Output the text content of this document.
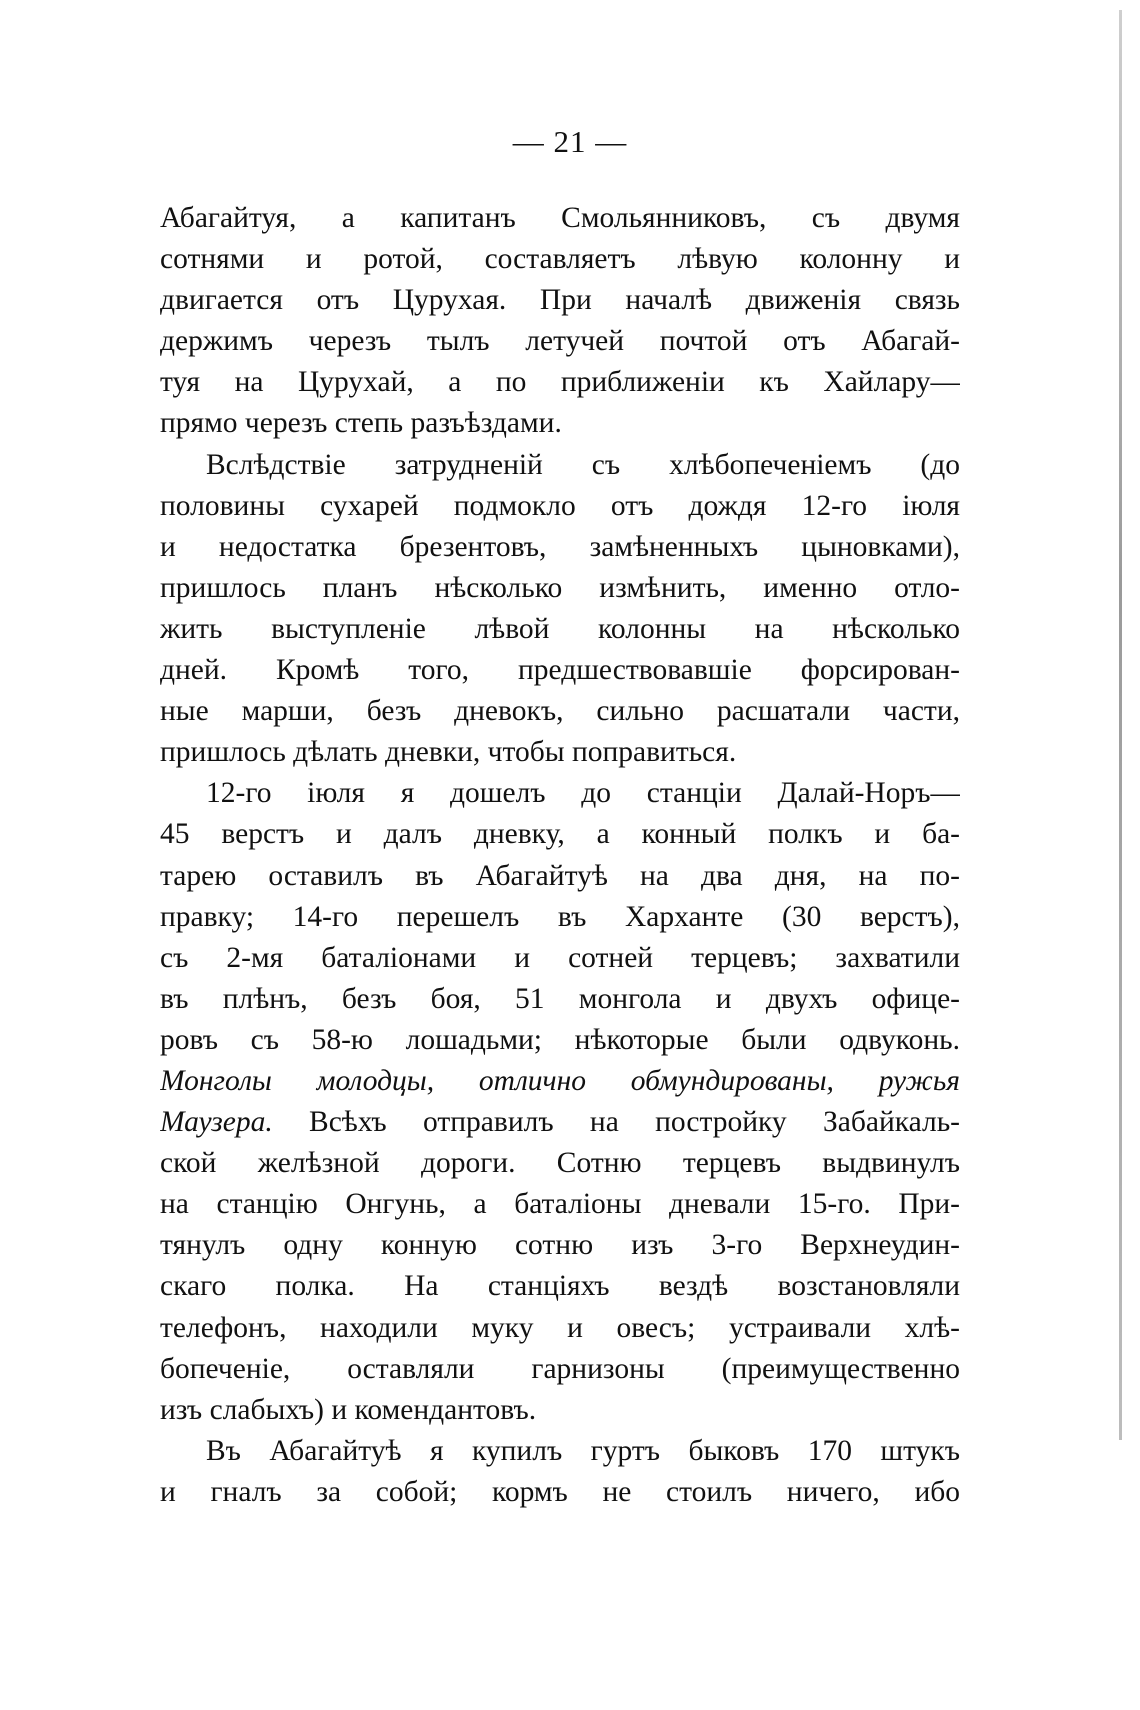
— 21 —
Абагайтуя, а капитанъ Смольянниковъ, съ двумя
сотнями и ротой, составляетъ лѣвую колонну и
двигается отъ Цурухая. При началѣ движенія связь
держимъ черезъ тылъ летучей почтой отъ Абагай-
туя на Цурухай, а по приближеніи къ Хайлару—
прямо черезъ степь разъѣздами.
Вслѣдствіе затрудненій съ хлѣбопеченіемъ (до
половины сухарей подмокло отъ дождя 12-го іюля
и недостатка брезентовъ, замѣненныхъ цыновками),
пришлось планъ нѣсколько измѣнить, именно отло-
жить выступленіе лѣвой колонны на нѣсколько
дней. Кромѣ того, предшествовавшіе форсирован-
ные марши, безъ дневокъ, сильно расшатали части,
пришлось дѣлать дневки, чтобы поправиться.
12-го іюля я дошелъ до станціи Далай-Норъ—
45 верстъ и далъ дневку, а конный полкъ и ба-
тарею оставилъ въ Абагайтуѣ на два дня, на по-
правку; 14-го перешелъ въ Харханте (30 верстъ),
съ 2-мя баталіонами и сотней терцевъ; захватили
въ плѣнъ, безъ боя, 51 монгола и двухъ офице-
ровъ съ 58-ю лошадьми; нѣкоторые были одвуконь.
Монголы молодцы, отлично обмундированы, ружья
Маузера. Всѣхъ отправилъ на постройку Забайкаль-
ской желѣзной дороги. Сотню терцевъ выдвинулъ
на станцію Онгунь, а баталіоны дневали 15-го. При-
тянулъ одну конную сотню изъ 3-го Верхнеудин-
скаго полка. На станціяхъ вездѣ возстановляли
телефонъ, находили муку и овесъ; устраивали хлѣ-
бопеченіе, оставляли гарнизоны (преимущественно
изъ слабыхъ) и комендантовъ.
Въ Абагайтуѣ я купилъ гуртъ быковъ 170 штукъ
и гналъ за собой; кормъ не стоилъ ничего, ибо
